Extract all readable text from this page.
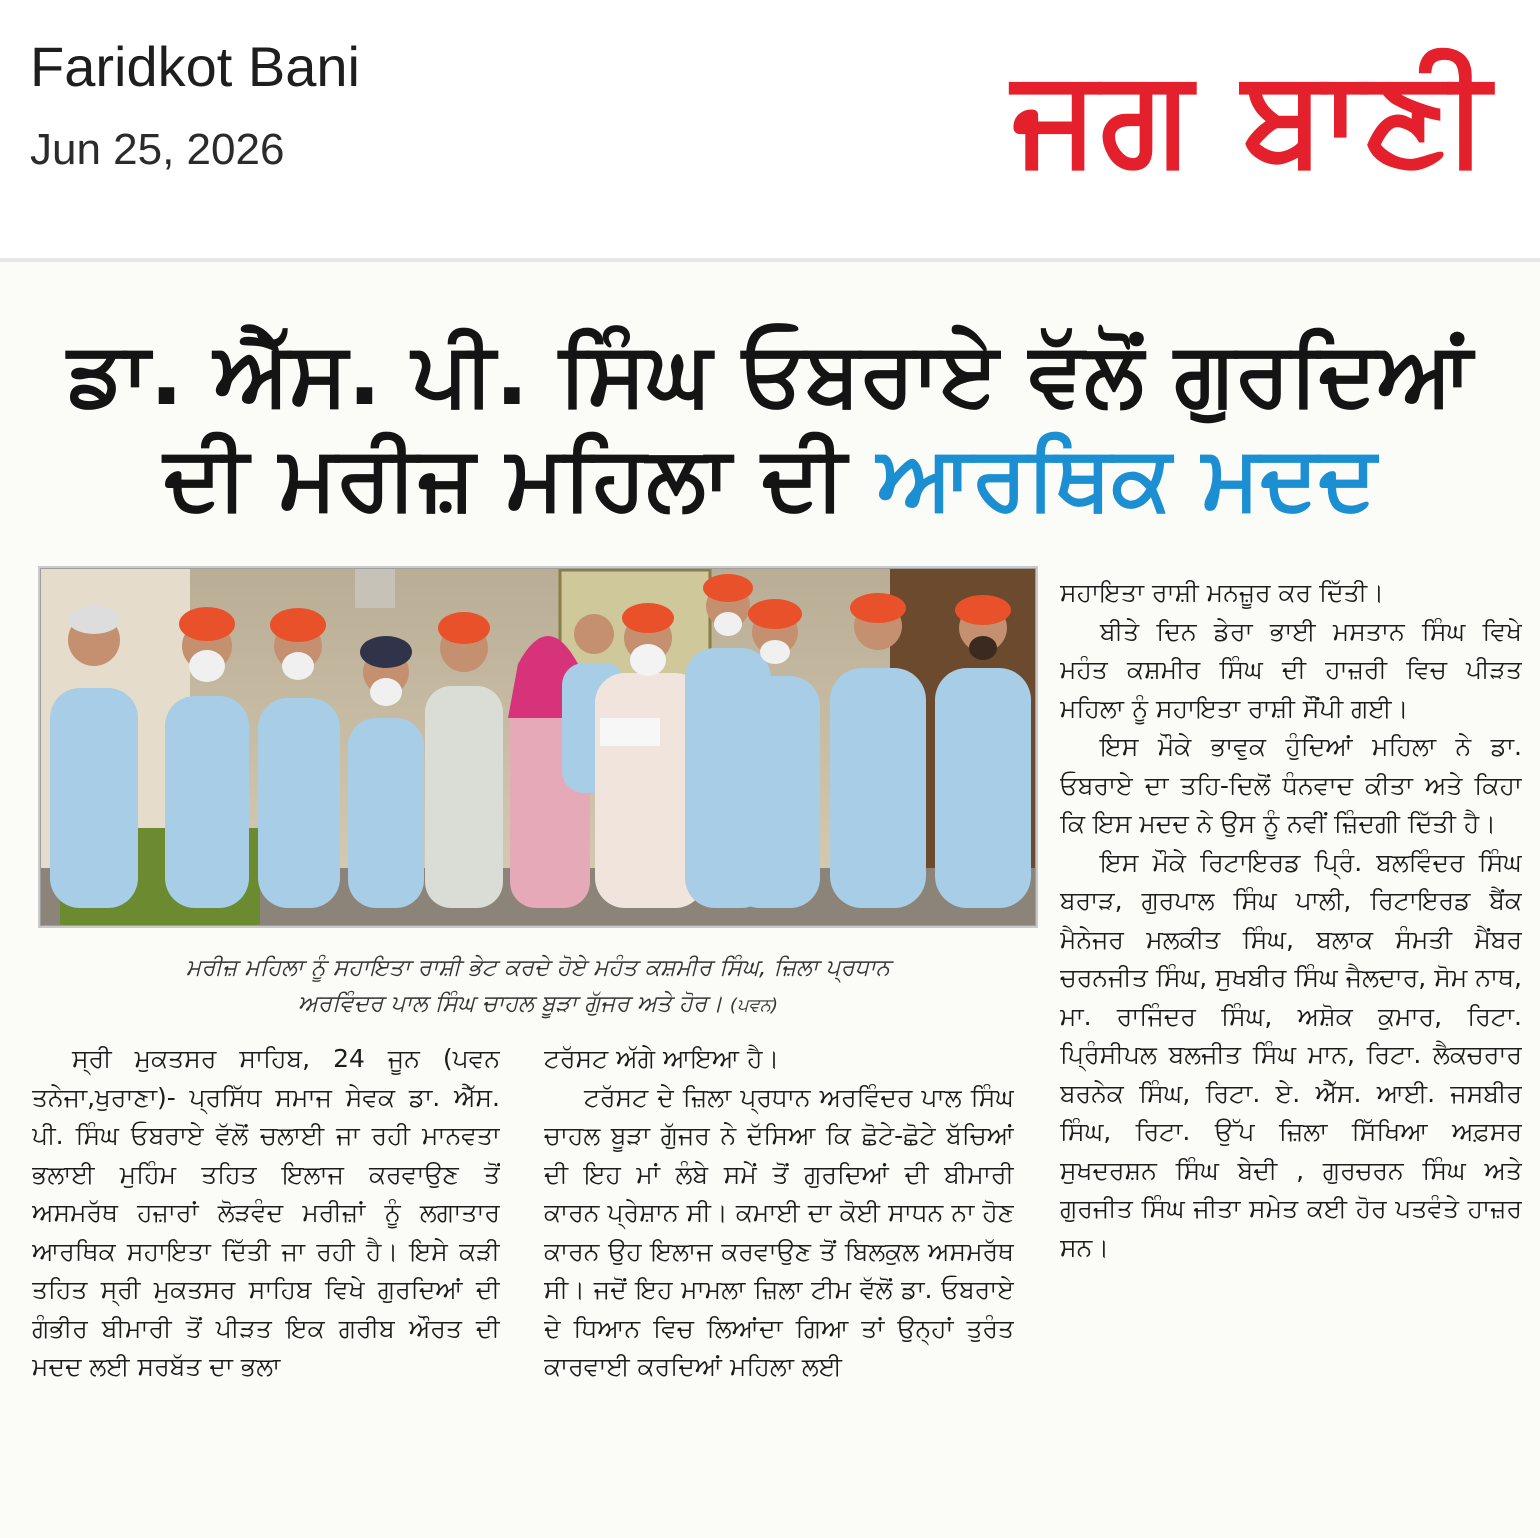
Faridkot Bani
Jun 25, 2026	ਜਗ ਬਾਣੀ
ਡਾ. ਐੱਸ. ਪੀ. ਸਿੰਘ ਓਬਰਾਏ ਵੱਲੋਂ ਗੁਰਦਿਆਂ
ਦੀ ਮਰੀਜ਼ ਮਹਿਲਾ ਦੀ ਆਰਥਿਕ ਮਦਦ
ਮਰੀਜ਼ ਮਹਿਲਾ ਨੂੰ ਸਹਾਇਤਾ ਰਾਸ਼ੀ ਭੇਟ ਕਰਦੇ ਹੋਏ ਮਹੰਤ ਕਸ਼ਮੀਰ ਸਿੰਘ, ਜ਼ਿਲਾ ਪ੍ਰਧਾਨ
ਅਰਵਿੰਦਰ ਪਾਲ ਸਿੰਘ ਚਾਹਲ ਬੂੜਾ ਗੁੱਜਰ ਅਤੇ ਹੋਰ। (ਪਵਨ)

ਸ੍ਰੀ ਮੁਕਤਸਰ ਸਾਹਿਬ, 24 ਜੂਨ (ਪਵਨ ਤਨੇਜਾ,ਖੁਰਾਣਾ)- ਪ੍ਰਸਿੱਧ ਸਮਾਜ ਸੇਵਕ ਡਾ. ਐੱਸ. ਪੀ. ਸਿੰਘ ਓਬਰਾਏ ਵੱਲੋਂ ਚਲਾਈ ਜਾ ਰਹੀ ਮਾਨਵਤਾ ਭਲਾਈ ਮੁਹਿੰਮ ਤਹਿਤ ਇਲਾਜ ਕਰਵਾਉਣ ਤੋਂ ਅਸਮਰੱਥ ਹਜ਼ਾਰਾਂ ਲੋੜਵੰਦ ਮਰੀਜ਼ਾਂ ਨੂੰ ਲਗਾਤਾਰ ਆਰਥਿਕ ਸਹਾਇਤਾ ਦਿੱਤੀ ਜਾ ਰਹੀ ਹੈ। ਇਸੇ ਕੜੀ ਤਹਿਤ ਸ੍ਰੀ ਮੁਕਤਸਰ ਸਾਹਿਬ ਵਿਖੇ ਗੁਰਦਿਆਂ ਦੀ ਗੰਭੀਰ ਬੀਮਾਰੀ ਤੋਂ ਪੀੜਤ ਇਕ ਗਰੀਬ ਔਰਤ ਦੀ ਮਦਦ ਲਈ ਸਰਬੱਤ ਦਾ ਭਲਾ

ਟਰੱਸਟ ਅੱਗੇ ਆਇਆ ਹੈ।

ਟਰੱਸਟ ਦੇ ਜ਼ਿਲਾ ਪ੍ਰਧਾਨ ਅਰਵਿੰਦਰ ਪਾਲ ਸਿੰਘ ਚਾਹਲ ਬੂੜਾ ਗੁੱਜਰ ਨੇ ਦੱਸਿਆ ਕਿ ਛੋਟੇ-ਛੋਟੇ ਬੱਚਿਆਂ ਦੀ ਇਹ ਮਾਂ ਲੰਬੇ ਸਮੇਂ ਤੋਂ ਗੁਰਦਿਆਂ ਦੀ ਬੀਮਾਰੀ ਕਾਰਨ ਪ੍ਰੇਸ਼ਾਨ ਸੀ। ਕਮਾਈ ਦਾ ਕੋਈ ਸਾਧਨ ਨਾ ਹੋਣ ਕਾਰਨ ਉਹ ਇਲਾਜ ਕਰਵਾਉਣ ਤੋਂ ਬਿਲਕੁਲ ਅਸਮਰੱਥ ਸੀ। ਜਦੋਂ ਇਹ ਮਾਮਲਾ ਜ਼ਿਲਾ ਟੀਮ ਵੱਲੋਂ ਡਾ. ਓਬਰਾਏ ਦੇ ਧਿਆਨ ਵਿਚ ਲਿਆਂਦਾ ਗਿਆ ਤਾਂ ਉਨ੍ਹਾਂ ਤੁਰੰਤ ਕਾਰਵਾਈ ਕਰਦਿਆਂ ਮਹਿਲਾ ਲਈ

ਸਹਾਇਤਾ ਰਾਸ਼ੀ ਮਨਜ਼ੂਰ ਕਰ ਦਿੱਤੀ।

ਬੀਤੇ ਦਿਨ ਡੇਰਾ ਭਾਈ ਮਸਤਾਨ ਸਿੰਘ ਵਿਖੇ ਮਹੰਤ ਕਸ਼ਮੀਰ ਸਿੰਘ ਦੀ ਹਾਜ਼ਰੀ ਵਿਚ ਪੀੜਤ ਮਹਿਲਾ ਨੂੰ ਸਹਾਇਤਾ ਰਾਸ਼ੀ ਸੌਂਪੀ ਗਈ।

ਇਸ ਮੌਕੇ ਭਾਵੁਕ ਹੁੰਦਿਆਂ ਮਹਿਲਾ ਨੇ ਡਾ. ਓਬਰਾਏ ਦਾ ਤਹਿ-ਦਿਲੋਂ ਧੰਨਵਾਦ ਕੀਤਾ ਅਤੇ ਕਿਹਾ ਕਿ ਇਸ ਮਦਦ ਨੇ ਉਸ ਨੂੰ ਨਵੀਂ ਜ਼ਿੰਦਗੀ ਦਿੱਤੀ ਹੈ।

ਇਸ ਮੌਕੇ ਰਿਟਾਇਰਡ ਪ੍ਰਿੰ. ਬਲਵਿੰਦਰ ਸਿੰਘ ਬਰਾੜ, ਗੁਰਪਾਲ ਸਿੰਘ ਪਾਲੀ, ਰਿਟਾਇਰਡ ਬੈਂਕ ਮੈਨੇਜਰ ਮਲਕੀਤ ਸਿੰਘ, ਬਲਾਕ ਸੰਮਤੀ ਮੈਂਬਰ ਚਰਨਜੀਤ ਸਿੰਘ, ਸੁਖਬੀਰ ਸਿੰਘ ਜੈਲਦਾਰ, ਸੋਮ ਨਾਥ, ਮਾ. ਰਾਜਿੰਦਰ ਸਿੰਘ, ਅਸ਼ੋਕ ਕੁਮਾਰ, ਰਿਟਾ. ਪ੍ਰਿੰਸੀਪਲ ਬਲਜੀਤ ਸਿੰਘ ਮਾਨ, ਰਿਟਾ. ਲੈਕਚਰਾਰ ਬਰਨੇਕ ਸਿੰਘ, ਰਿਟਾ. ਏ. ਐੱਸ. ਆਈ. ਜਸਬੀਰ ਸਿੰਘ, ਰਿਟਾ. ਉੱਪ ਜ਼ਿਲਾ ਸਿੱਖਿਆ ਅਫ਼ਸਰ ਸੁਖਦਰਸ਼ਨ ਸਿੰਘ ਬੇਦੀ , ਗੁਰਚਰਨ ਸਿੰਘ ਅਤੇ ਗੁਰਜੀਤ ਸਿੰਘ ਜੀਤਾ ਸਮੇਤ ਕਈ ਹੋਰ ਪਤਵੰਤੇ ਹਾਜ਼ਰ ਸਨ।
